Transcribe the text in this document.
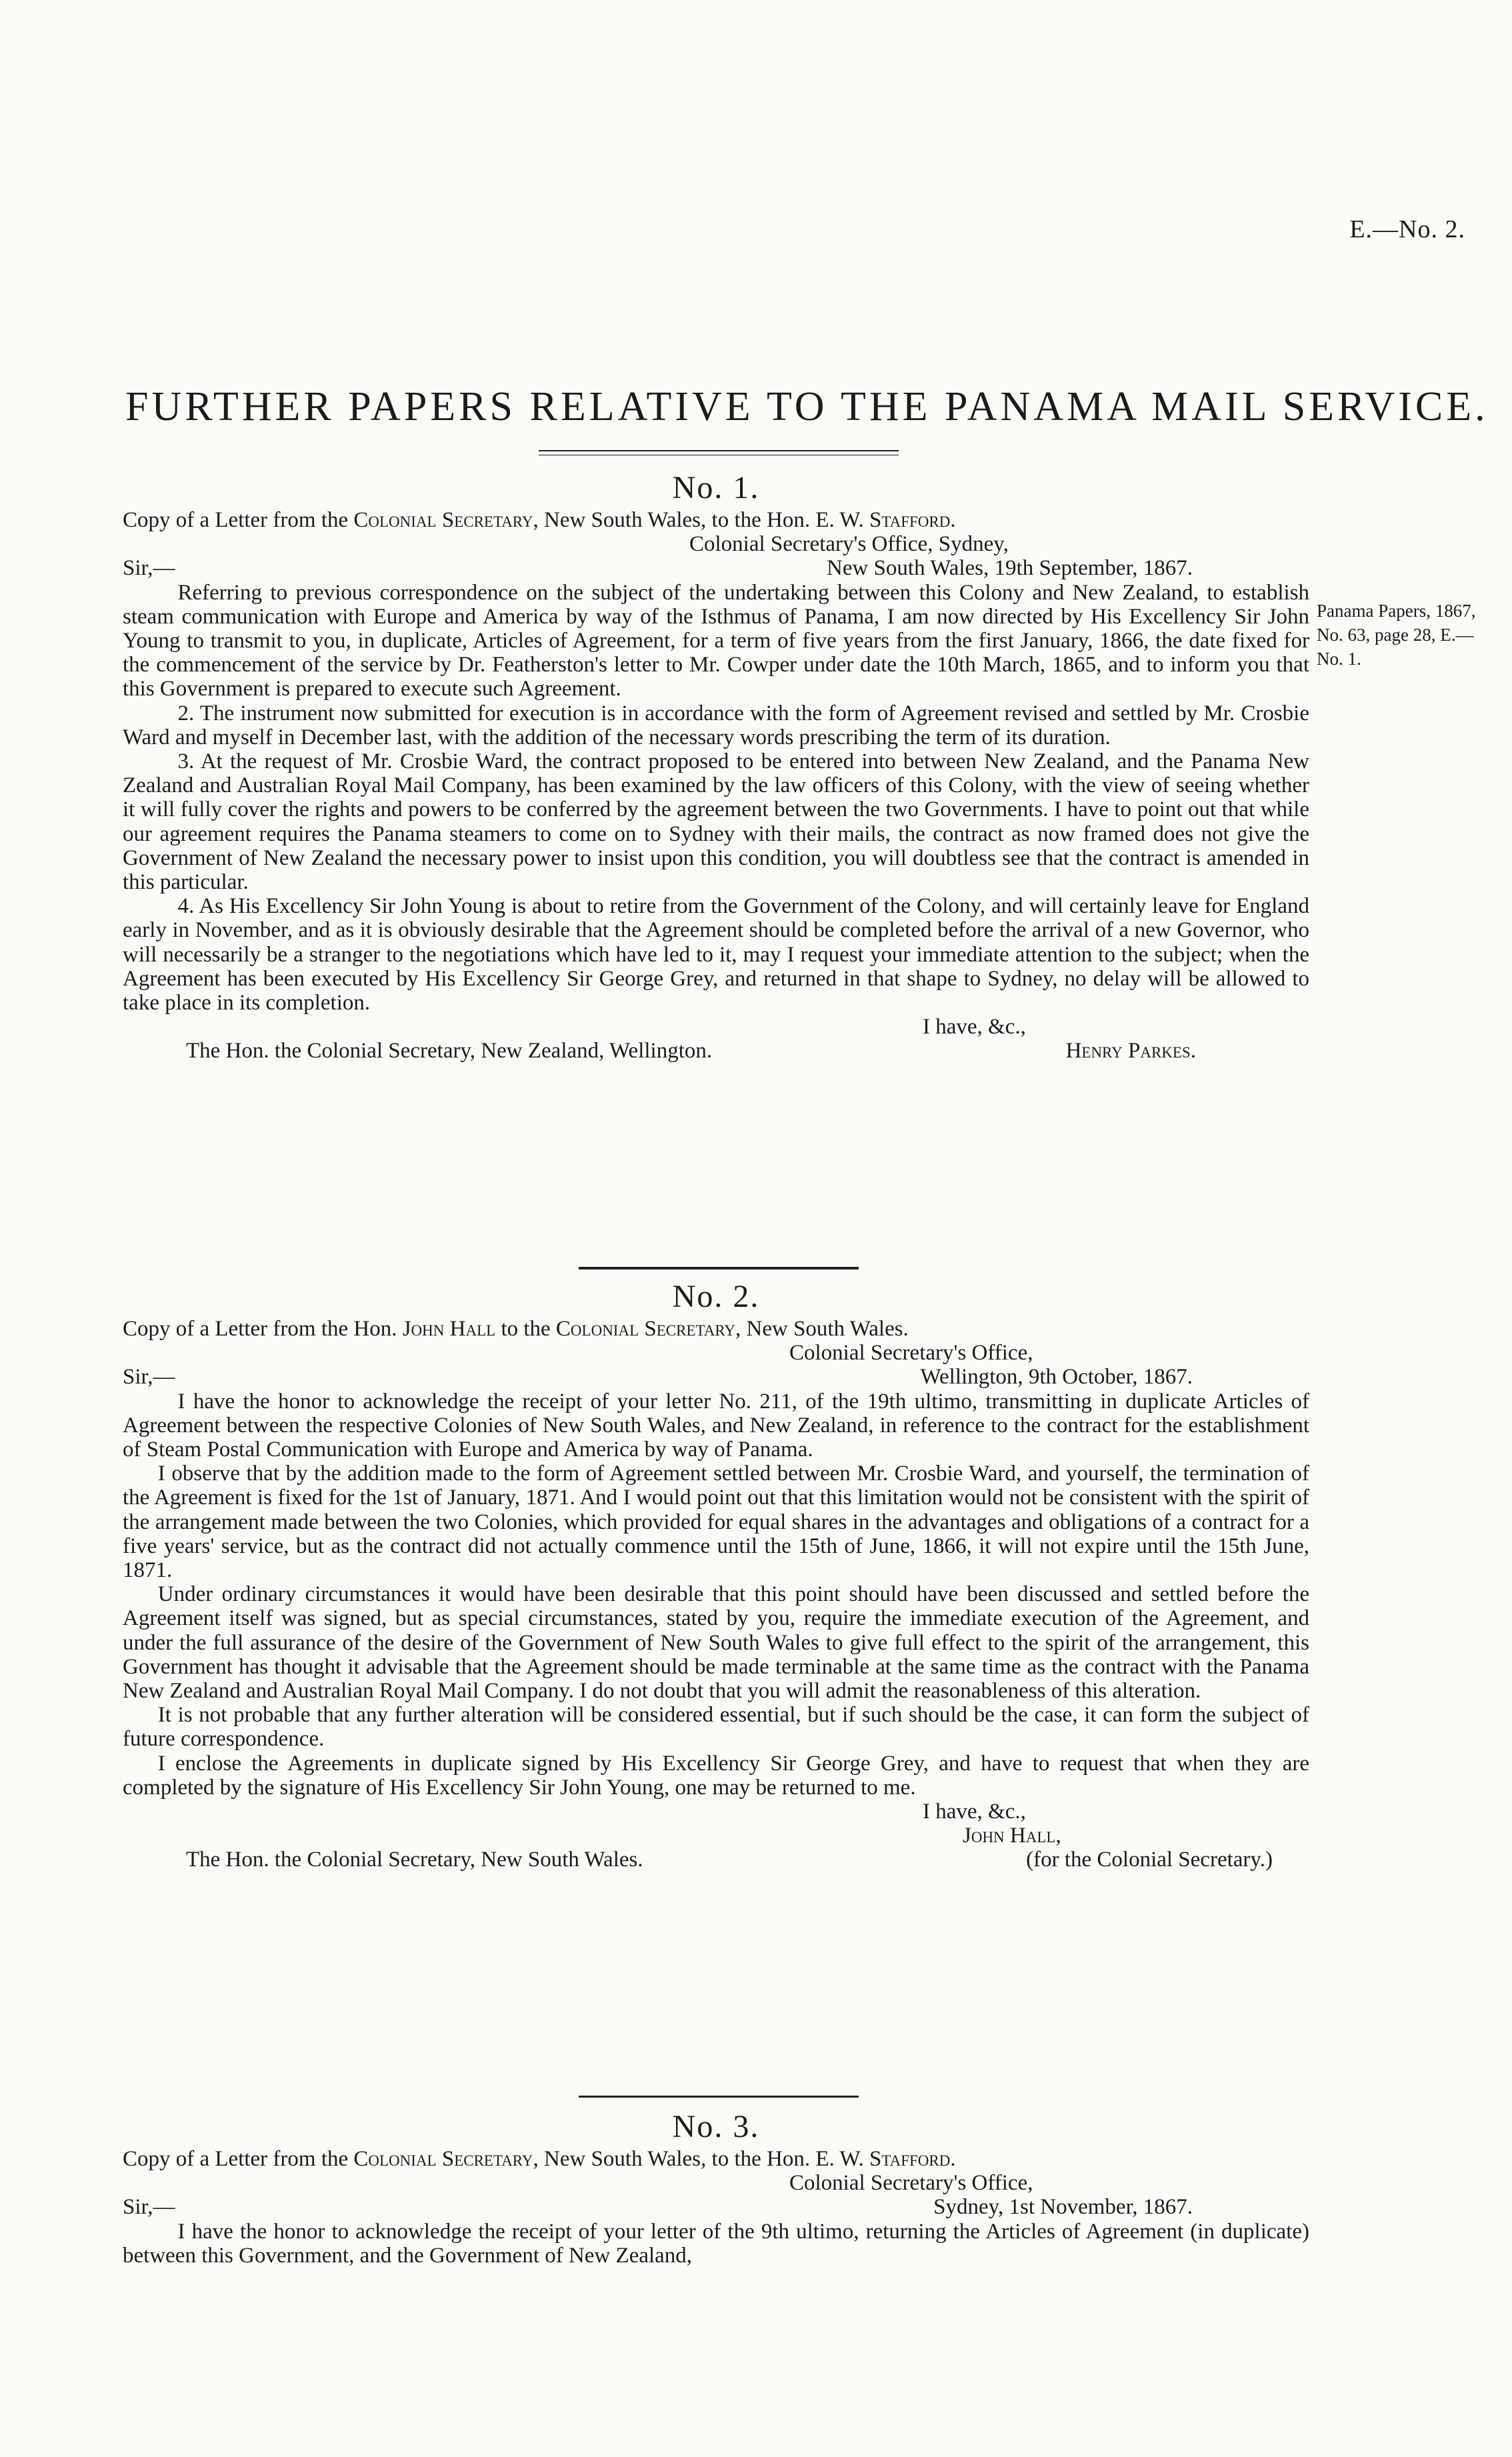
E.—No. 2.
FURTHER PAPERS RELATIVE TO THE PANAMA MAIL SERVICE.
No. 1.

Copy of a Letter from the Colonial Secretary, New South Wales, to the Hon. E. W. Stafford.

Colonial Secretary's Office, Sydney,

Sir,—	New South Wales, 19th September, 1867.

Referring to previous correspondence on the subject of the undertaking between this Colony and New Zealand, to establish steam communication with Europe and America by way of the Isthmus of Panama, I am now directed by His Excellency Sir John Young to transmit to you, in duplicate, Articles of Agreement, for a term of five years from the first January, 1866, the date fixed for the commencement of the service by Dr. Featherston's letter to Mr. Cowper under date the 10th March, 1865, and to inform you that this Government is prepared to execute such Agreement.

2. The instrument now submitted for execution is in accordance with the form of Agreement revised and settled by Mr. Crosbie Ward and myself in December last, with the addition of the necessary words prescribing the term of its duration.

3. At the request of Mr. Crosbie Ward, the contract proposed to be entered into between New Zealand, and the Panama New Zealand and Australian Royal Mail Company, has been examined by the law officers of this Colony, with the view of seeing whether it will fully cover the rights and powers to be conferred by the agreement between the two Governments. I have to point out that while our agreement requires the Panama steamers to come on to Sydney with their mails, the contract as now framed does not give the Government of New Zealand the necessary power to insist upon this condition, you will doubtless see that the contract is amended in this particular.

4. As His Excellency Sir John Young is about to retire from the Government of the Colony, and will certainly leave for England early in November, and as it is obviously desirable that the Agreement should be completed before the arrival of a new Governor, who will necessarily be a stranger to the negotiations which have led to it, may I request your immediate attention to the subject; when the Agreement has been executed by His Excellency Sir George Grey, and returned in that shape to Sydney, no delay will be allowed to take place in its completion.

I have, &c.,

The Hon. the Colonial Secretary, New Zealand, Wellington.	Henry Parkes.
Panama Papers, 1867, No. 63, page 28, E.—No. 1.
No. 2.

Copy of a Letter from the Hon. John Hall to the Colonial Secretary, New South Wales.

Colonial Secretary's Office,

Sir,—	Wellington, 9th October, 1867.

I have the honor to acknowledge the receipt of your letter No. 211, of the 19th ultimo, transmitting in duplicate Articles of Agreement between the respective Colonies of New South Wales, and New Zealand, in reference to the contract for the establishment of Steam Postal Communication with Europe and America by way of Panama.

I observe that by the addition made to the form of Agreement settled between Mr. Crosbie Ward, and yourself, the termination of the Agreement is fixed for the 1st of January, 1871. And I would point out that this limitation would not be consistent with the spirit of the arrangement made between the two Colonies, which provided for equal shares in the advantages and obligations of a contract for a five years' service, but as the contract did not actually commence until the 15th of June, 1866, it will not expire until the 15th June, 1871.

Under ordinary circumstances it would have been desirable that this point should have been discussed and settled before the Agreement itself was signed, but as special circumstances, stated by you, require the immediate execution of the Agreement, and under the full assurance of the desire of the Government of New South Wales to give full effect to the spirit of the arrangement, this Government has thought it advisable that the Agreement should be made terminable at the same time as the contract with the Panama New Zealand and Australian Royal Mail Company. I do not doubt that you will admit the reasonableness of this alteration.

It is not probable that any further alteration will be considered essential, but if such should be the case, it can form the subject of future correspondence.

I enclose the Agreements in duplicate signed by His Excellency Sir George Grey, and have to request that when they are completed by the signature of His Excellency Sir John Young, one may be returned to me.

I have, &c.,

John Hall,

The Hon. the Colonial Secretary, New South Wales.	(for the Colonial Secretary.)
No. 3.

Copy of a Letter from the Colonial Secretary, New South Wales, to the Hon. E. W. Stafford.

Colonial Secretary's Office,

Sir,—	Sydney, 1st November, 1867.

I have the honor to acknowledge the receipt of your letter of the 9th ultimo, returning the Articles of Agreement (in duplicate) between this Government, and the Government of New Zealand,
